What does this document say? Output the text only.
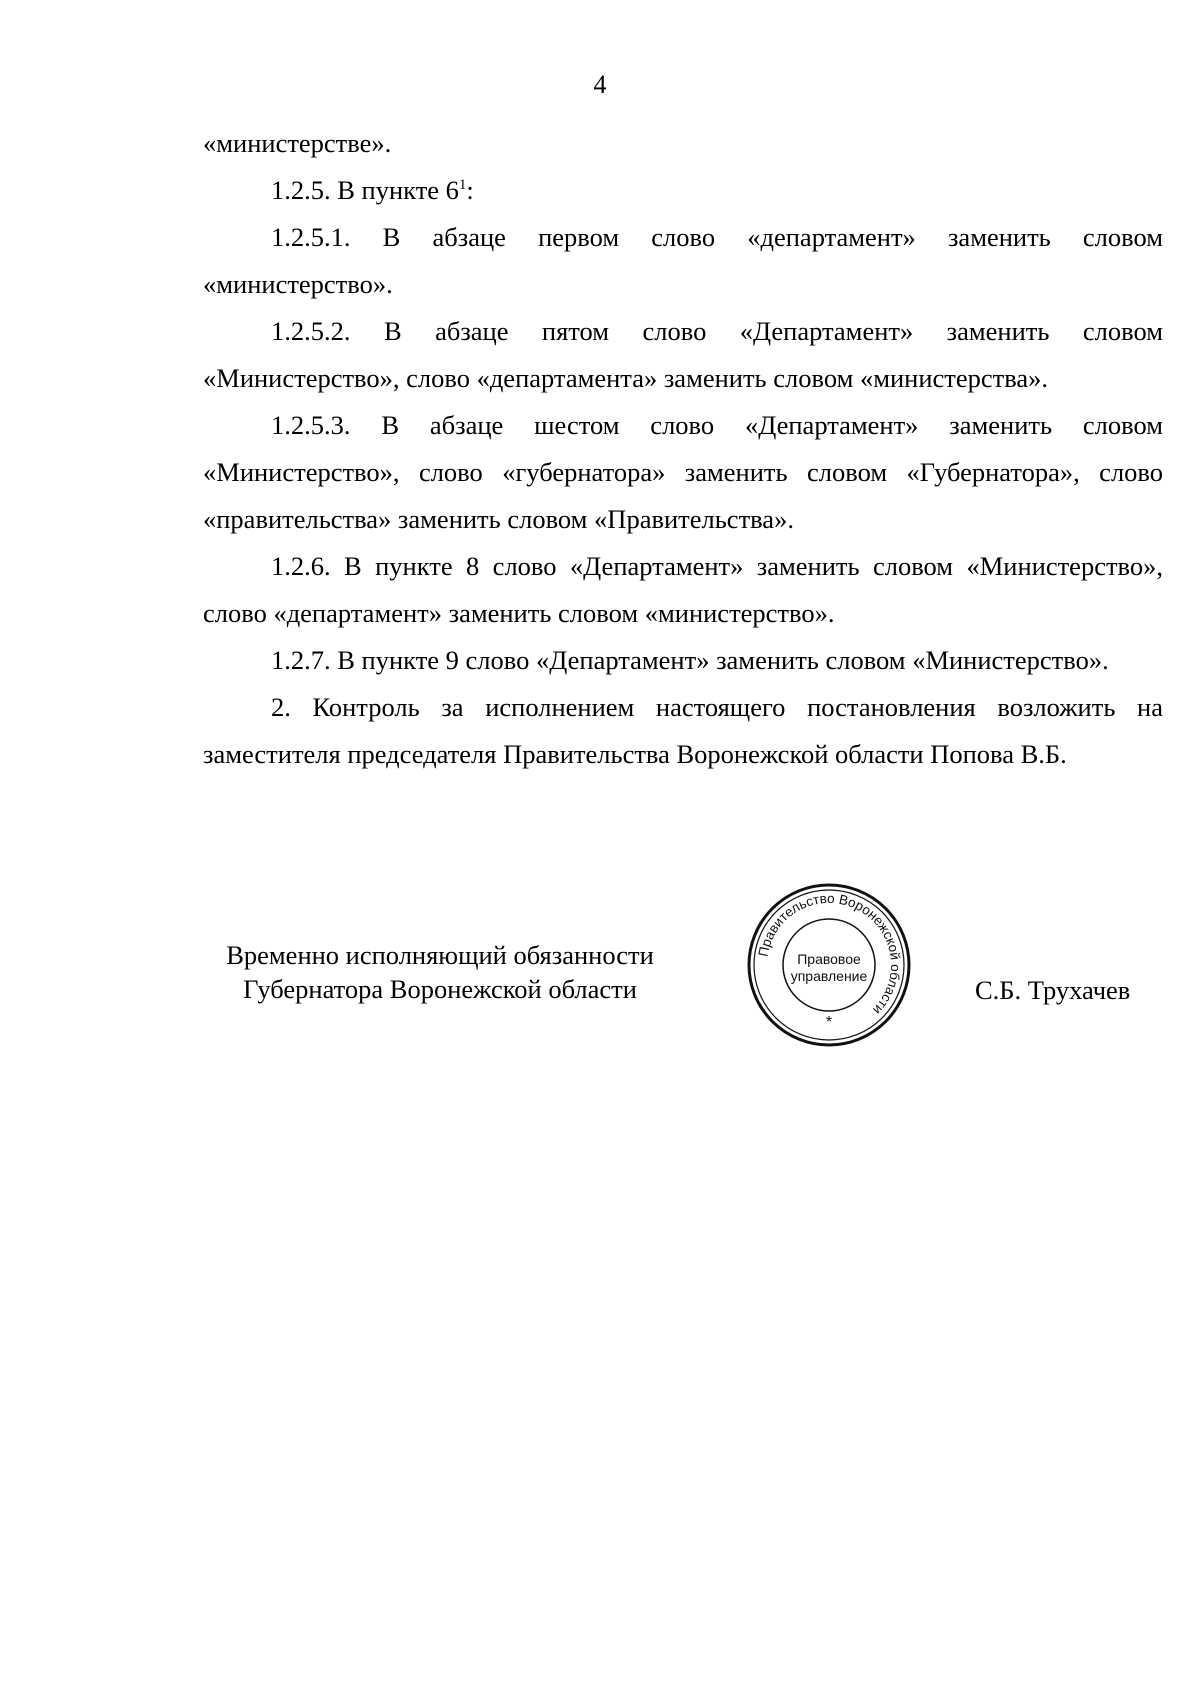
4

«министерстве».

1.2.5. В пункте $6^1$:

1.2.5.1. В абзаце первом слово «департамент» заменить словом «министерство».

1.2.5.2. В абзаце пятом слово «Департамент» заменить словом «Министерство», слово «департамента» заменить словом «министерства».

1.2.5.3. В абзаце шестом слово «Департамент» заменить словом «Министерство», слово «губернатора» заменить словом «Губернатора», слово «правительства» заменить словом «Правительства».

1.2.6. В пункте 8 слово «Департамент» заменить словом «Министерство», слово «департамент» заменить словом «министерство».

1.2.7. В пункте 9 слово «Департамент» заменить словом «Министерство».

2. Контроль за исполнением настоящего постановления возложить на заместителя председателя Правительства Воронежской области Попова В.Б.

Временно исполняющий обязанности
Губернатора Воронежской области
Правительство Воронежской области
Правовое
управление
*
С.Б. Трухачев
